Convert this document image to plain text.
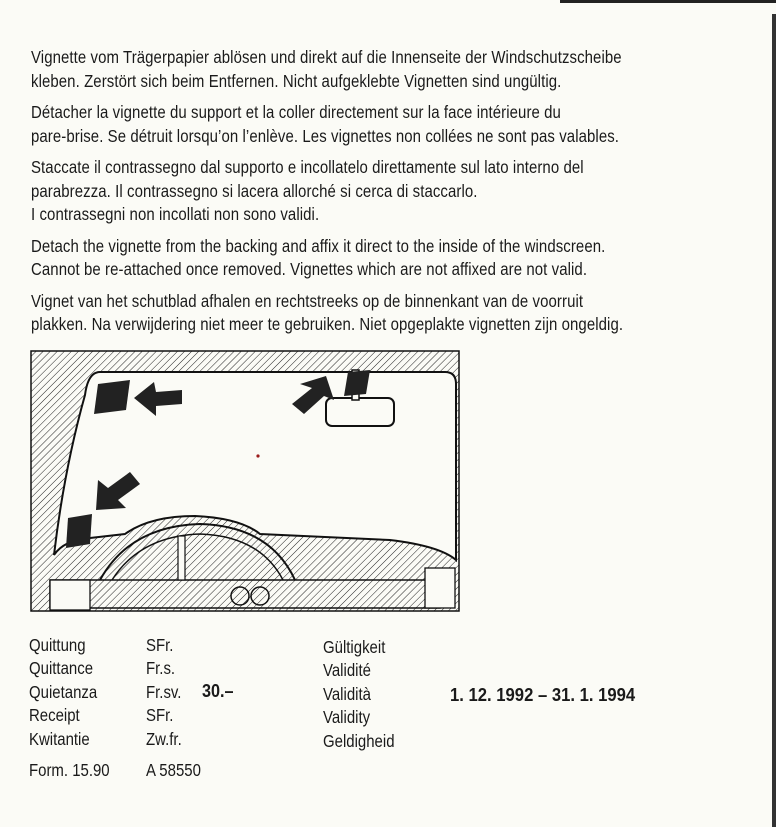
Vignette vom Trägerpapier ablösen und direkt auf die Innenseite der Windschutzscheibe
kleben. Zerstört sich beim Entfernen. Nicht aufgeklebte Vignetten sind ungültig.

Détacher la vignette du support et la coller directement sur la face intérieure du
pare-brise. Se détruit lorsqu’on l’enlève. Les vignettes non collées ne sont pas valables.

Staccate il contrassegno dal supporto e incollatelo direttamente sul lato interno del
parabrezza. Il contrassegno si lacera allorché si cerca di staccarlo.
I contrassegni non incollati non sono validi.

Detach the vignette from the backing and affix it direct to the inside of the windscreen.
Cannot be re-attached once removed. Vignettes which are not affixed are not valid.

Vignet van het schutblad afhalen en rechtstreeks op de binnenkant van de voorruit
plakken. Na verwijdering niet meer te gebruiken. Niet opgeplakte vignetten zijn ongeldig.

Quittung
Quittance
Quietanza
Receipt
Kwitantie
SFr.
Fr.s.
Fr.sv.
SFr.
Zw.fr.
30.–
Gültigkeit
Validité
Validità
Validity
Geldigheid
1. 12. 1992 – 31. 1. 1994
Form. 15.90 A 58550
